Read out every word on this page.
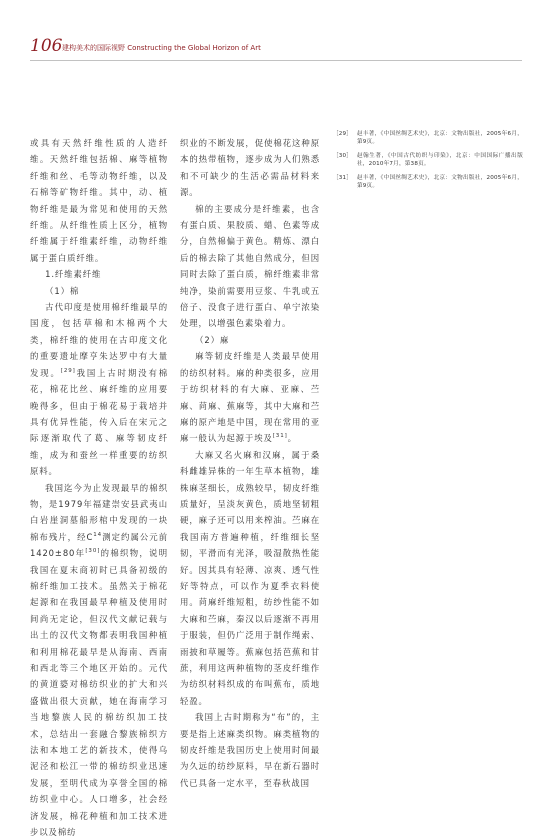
106 建构美术的国际视野 Constructing the Global Horizon of Art

或具有天然纤维性质的人造纤维。天然纤维包括棉、麻等植物纤维和丝、毛等动物纤维，以及石棉等矿物纤维。其中，动、植物纤维是最为常见和使用的天然纤维。从纤维性质上区分，植物纤维属于纤维素纤维，动物纤维属于蛋白质纤维。

1.纤维素纤维

（1）棉

古代印度是使用棉纤维最早的国度，包括草棉和木棉两个大类，棉纤维的使用在古印度文化的重要遗址摩亨朱达罗中有大量发现。[29]我国上古时期没有棉花，棉花比丝、麻纤维的应用要晚得多，但由于棉花易于栽培并具有优异性能，传入后在宋元之际逐渐取代了葛、麻等韧皮纤维，成为和蚕丝一样重要的纺织原料。

我国迄今为止发现最早的棉织物，是1979年福建崇安县武夷山白岩崖洞墓船形棺中发现的一块棉布残片，经$C^{14}$测定约属公元前1420±80年[30]的棉织物，说明我国在夏末商初时已具备初级的棉纤维加工技术。虽然关于棉花起源和在我国最早种植及使用时间尚无定论，但汉代文献记载与出土的汉代文物都表明我国种植和利用棉花最早是从海南、西南和西北等三个地区开始的。元代的黄道婆对棉纺织业的扩大和兴盛做出很大贡献，她在海南学习当地黎族人民的棉纺织加工技术，总结出一套融合黎族棉织方法和本地工艺的新技术，使得乌泥泾和松江一带的棉纺织业迅速发展，至明代成为享誉全国的棉纺织业中心。人口增多，社会经济发展，棉花种植和加工技术进步以及棉纺

织业的不断发展，促使棉花这种原本的热带植物，逐步成为人们熟悉和不可缺少的生活必需品材料来源。

棉的主要成分是纤维素，也含有蛋白质、果胶质、蜡、色素等成分，自然棉偏于黄色。精炼、漂白后的棉去除了其他自然成分，但因同时去除了蛋白质，棉纤维素非常纯净，染前需要用豆浆、牛乳或五倍子、没食子进行蛋白、单宁浓染处理，以增强色素染着力。

（2）麻

麻等韧皮纤维是人类最早使用的纺织材料。麻的种类很多，应用于纺织材料的有大麻、亚麻、苎麻、苘麻、蕉麻等，其中大麻和苎麻的原产地是中国，现在常用的亚麻一般认为起源于埃及[31]。

大麻又名火麻和汉麻，属于桑科雌雄异株的一年生草本植物，雄株麻茎细长，成熟较早，韧皮纤维质量好，呈淡灰黄色，质地坚韧粗硬，麻子还可以用来榨油。苎麻在我国南方普遍种植，纤维细长坚韧，平滑而有光泽，吸湿散热性能好。因其具有轻薄、凉爽、透气性好等特点，可以作为夏季衣料使用。苘麻纤维短粗，纺纱性能不如大麻和苎麻，秦汉以后逐渐不再用于服装，但仍广泛用于制作绳索、雨披和草履等。蕉麻包括芭蕉和甘蔗，利用这两种植物的茎皮纤维作为纺织材料织成的布叫蕉布，质地轻盈。

我国上古时期称为“布”的，主要是指上述麻类织物。麻类植物的韧皮纤维是我国历史上使用时间最为久远的纺纱原料，早在新石器时代已具备一定水平，至春秋战国

［29］ 赵丰著，《中国丝绸艺术史》，北京：文物出版社，2005年6月，第9页。
［30］ 赵翰生著，《中国古代纺织与印染》，北京：中国国际广播出版社，2010年7月，第38页。
［31］ 赵丰著，《中国丝绸艺术史》，北京：文物出版社，2005年6月，第9页。
